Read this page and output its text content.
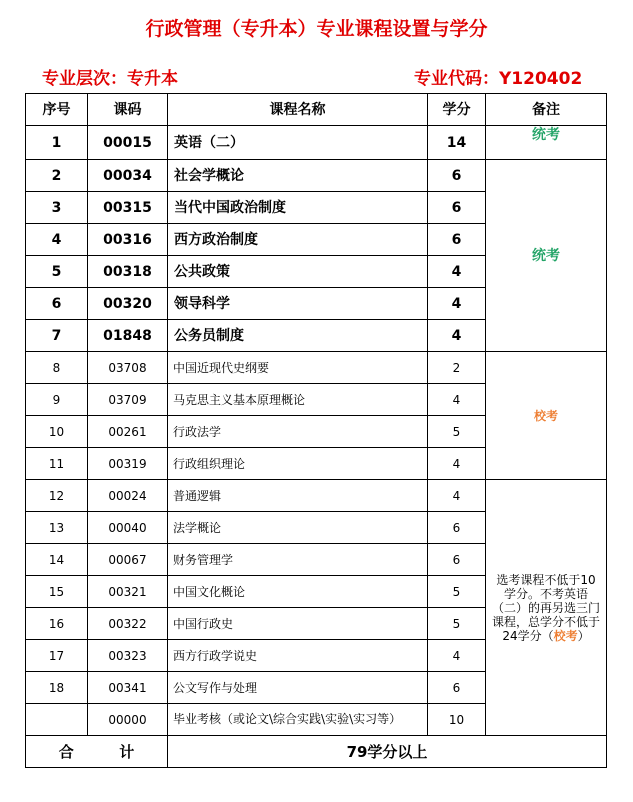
行政管理（专升本）专业课程设置与学分
专业层次：专升本	专业代码：Y120402
序号	课码	课程名称	学分	备注
1	00015	英语（二）	14	统考
2	00034	社会学概论	6	统考
3	00315	当代中国政治制度	6	
4	00316	西方政治制度	6	
5	00318	公共政策	4	
6	00320	领导科学	4	
7	01848	公务员制度	4	
8	03708	中国近现代史纲要	2	校考
9	03709	马克思主义基本原理概论	4	
10	00261	行政法学	5	
11	00319	行政组织理论	4	
12	00024	普通逻辑	4	选考课程不低于10学分。不考英语（二）的再另选三门课程，总学分不低于24学分（校考）
13	00040	法学概论	6	
14	00067	财务管理学	6	
15	00321	中国文化概论	5	
16	00322	中国行政史	5	
17	00323	西方行政学说史	4	
18	00341	公文写作与处理	6	
	00000	毕业考核（或论文\综合实践\实验\实习等）	10	

合 计		79学分以上		
